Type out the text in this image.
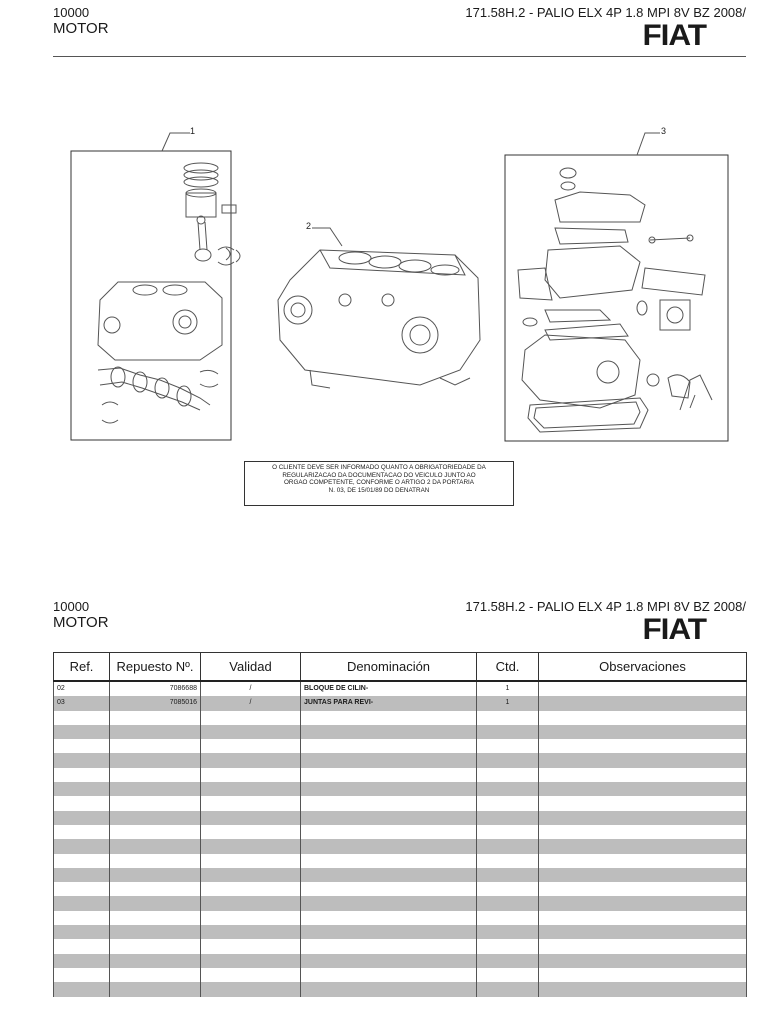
10000
MOTOR
171.58H.2 - PALIO ELX 4P 1.8 MPI 8V BZ 2008/
FIAT
1
2
3
O CLIENTE DEVE SER INFORMADO QUANTO A OBRIGATORIEDADE DA
REGULARIZACAO DA DOCUMENTACAO DO VEICULO JUNTO AO
ORGAO COMPETENTE, CONFORME O ARTIGO 2 DA PORTARIA
N. 03, DE 15/01/89 DO DENATRAN
10000
MOTOR
171.58H.2 - PALIO ELX 4P 1.8 MPI 8V BZ 2008/
FIAT
Ref.	Repuesto Nº.	Validad	Denominación	Ctd.	Observaciones
02	7086688	/	BLOQUE DE CILIN-	1	
03	7085016	/	JUNTAS PARA REVI-	1	
